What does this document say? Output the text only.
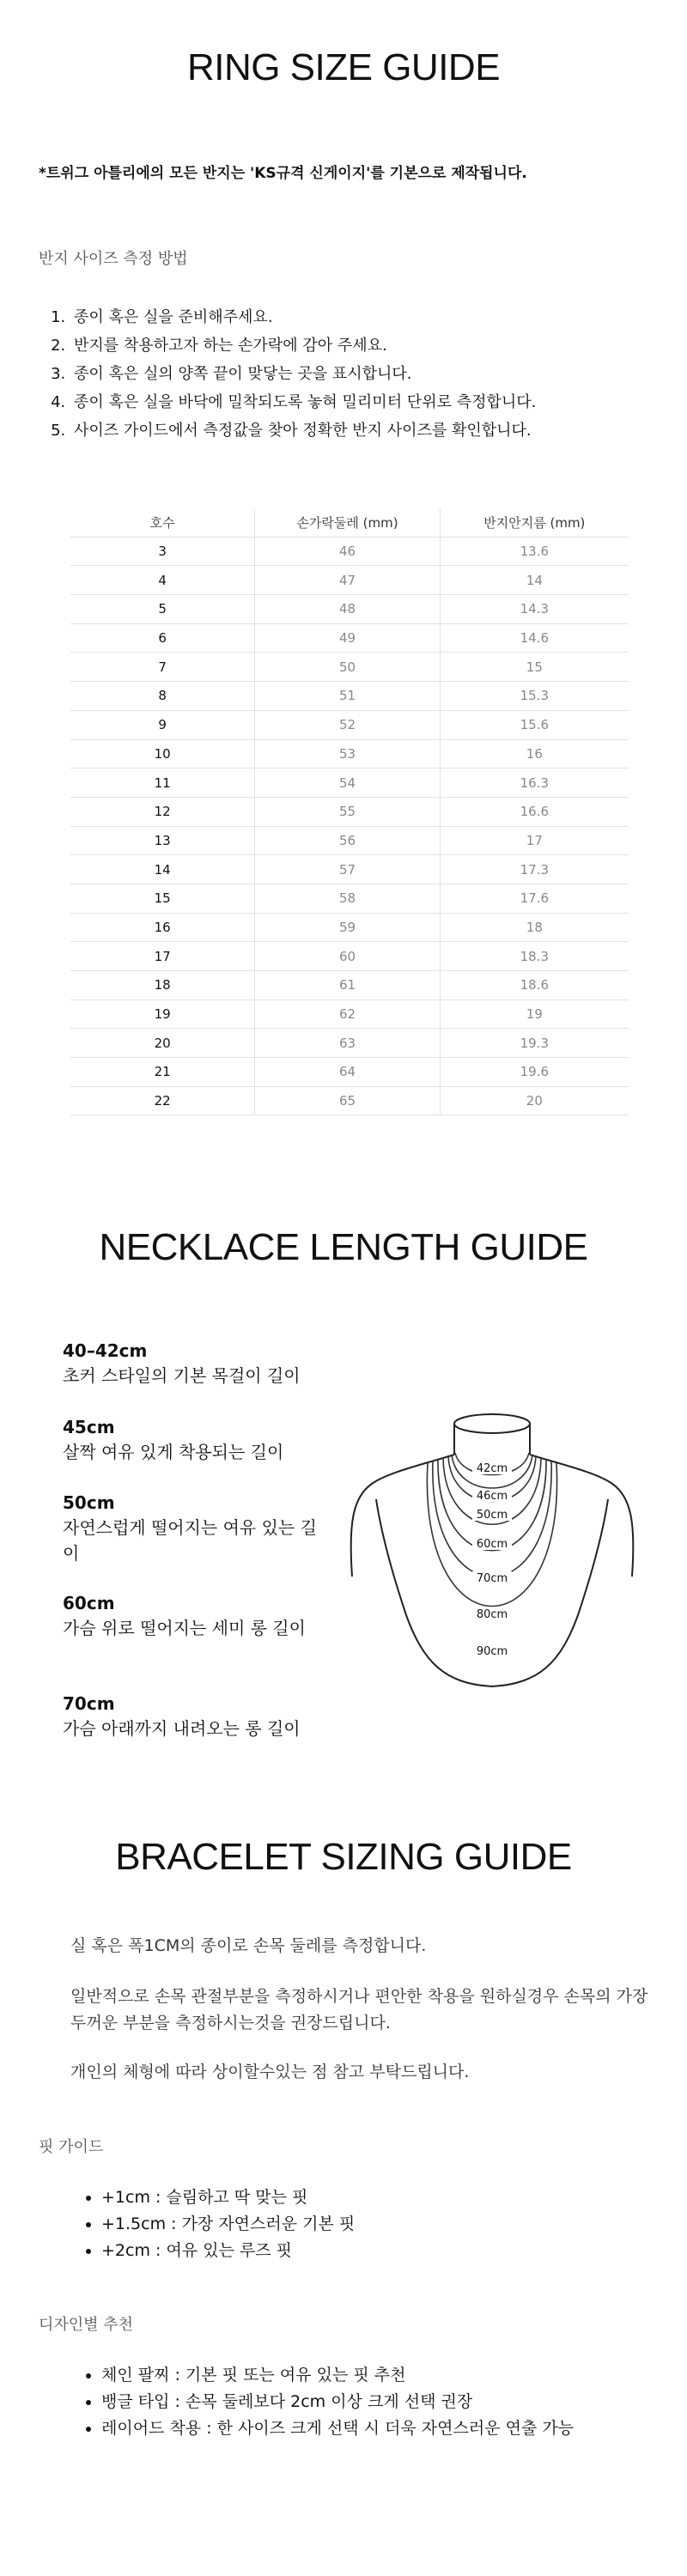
RING SIZE GUIDE
*트위그 아틀리에의 모든 반지는 'KS규격 신게이지'를 기본으로 제작됩니다.
반지 사이즈 측정 방법
1. 종이 혹은 실을 준비해주세요.
2. 반지를 착용하고자 하는 손가락에 감아 주세요.
3. 종이 혹은 실의 양쪽 끝이 맞닿는 곳을 표시합니다.
4. 종이 혹은 실을 바닥에 밀착되도록 놓혀 밀리미터 단위로 측정합니다.
5. 사이즈 가이드에서 측정값을 찾아 정확한 반지 사이즈를 확인합니다.
호수	손가락둘레 (mm)	반지안지름 (mm)
3	46	13.6
4	47	14
5	48	14.3
6	49	14.6
7	50	15
8	51	15.3
9	52	15.6
10	53	16
11	54	16.3
12	55	16.6
13	56	17
14	57	17.3
15	58	17.6
16	59	18
17	60	18.3
18	61	18.6
19	62	19
20	63	19.3
21	64	19.6
22	65	20
NECKLACE LENGTH GUIDE
40–42cm
초커 스타일의 기본 목걸이 길이
45cm
살짝 여유 있게 착용되는 길이
50cm
자연스럽게 떨어지는 여유 있는 길이
60cm
가슴 위로 떨어지는 세미 롱 길이
70cm
가슴 아래까지 내려오는 롱 길이
42cm
46cm
50cm
60cm
70cm
80cm
90cm
BRACELET SIZING GUIDE
실 혹은 폭1CM의 종이로 손목 둘레를 측정합니다.
일반적으로 손목 관절부분을 측정하시거나 편안한 착용을 원하실경우 손목의 가장 두꺼운 부분을 측정하시는것을 권장드립니다.
개인의 체형에 따라 상이할수있는 점 참고 부탁드립니다.
핏 가이드
• +1cm : 슬림하고 딱 맞는 핏
• +1.5cm : 가장 자연스러운 기본 핏
• +2cm : 여유 있는 루즈 핏
디자인별 추천
• 체인 팔찌 : 기본 핏 또는 여유 있는 핏 추천
• 뱅글 타입 : 손목 둘레보다 2cm 이상 크게 선택 권장
• 레이어드 착용 : 한 사이즈 크게 선택 시 더욱 자연스러운 연출 가능
